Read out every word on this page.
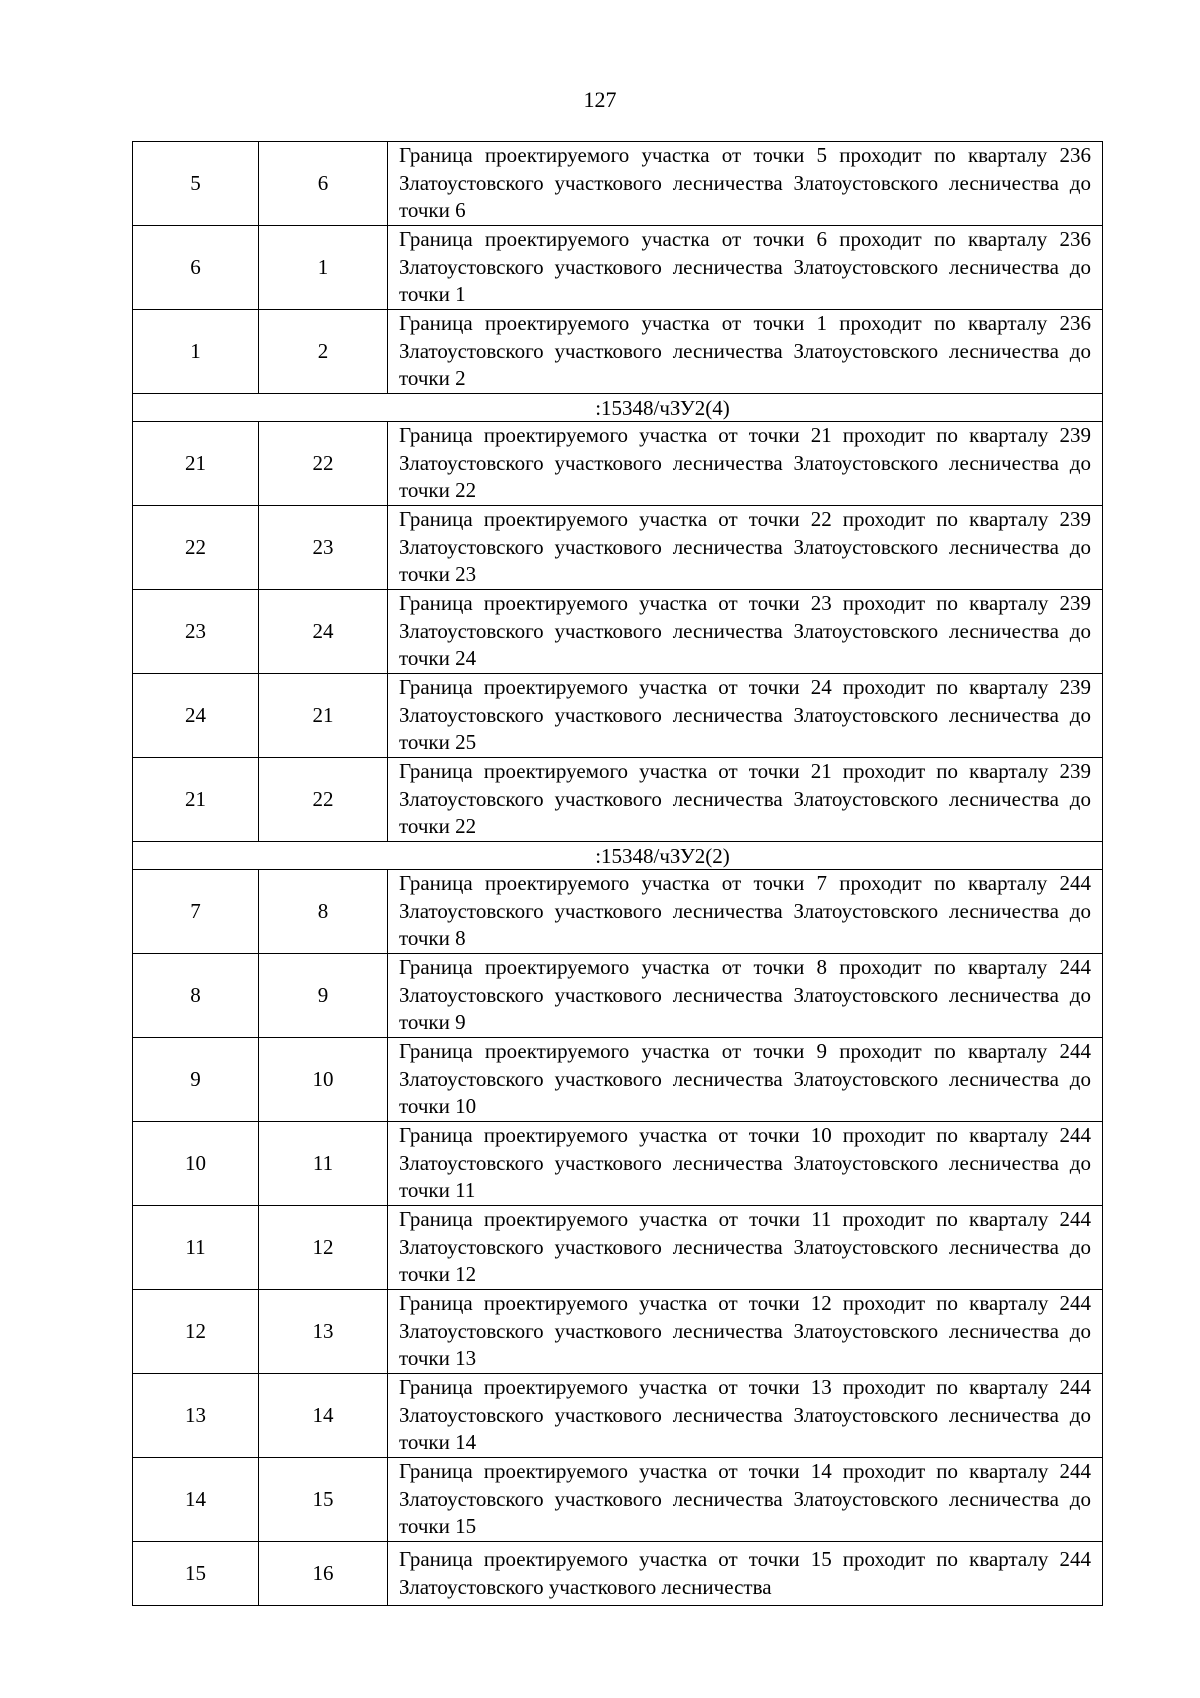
127
5	6	Граница проектируемого участка от точки 5 проходит по кварталу 236 Златоустовского участкового лесничества Златоустовского лесничества до точки 6
6	1	Граница проектируемого участка от точки 6 проходит по кварталу 236 Златоустовского участкового лесничества Златоустовского лесничества до точки 1
1	2	Граница проектируемого участка от точки 1 проходит по кварталу 236 Златоустовского участкового лесничества Златоустовского лесничества до точки 2
:15348/чЗУ2(4)		
21	22	Граница проектируемого участка от точки 21 проходит по кварталу 239 Златоустовского участкового лесничества Златоустовского лесничества до точки 22
22	23	Граница проектируемого участка от точки 22 проходит по кварталу 239 Златоустовского участкового лесничества Златоустовского лесничества до точки 23
23	24	Граница проектируемого участка от точки 23 проходит по кварталу 239 Златоустовского участкового лесничества Златоустовского лесничества до точки 24
24	21	Граница проектируемого участка от точки 24 проходит по кварталу 239 Златоустовского участкового лесничества Златоустовского лесничества до точки 25
21	22	Граница проектируемого участка от точки 21 проходит по кварталу 239 Златоустовского участкового лесничества Златоустовского лесничества до точки 22
:15348/чЗУ2(2)		
7	8	Граница проектируемого участка от точки 7 проходит по кварталу 244 Златоустовского участкового лесничества Златоустовского лесничества до точки 8
8	9	Граница проектируемого участка от точки 8 проходит по кварталу 244 Златоустовского участкового лесничества Златоустовского лесничества до точки 9
9	10	Граница проектируемого участка от точки 9 проходит по кварталу 244 Златоустовского участкового лесничества Златоустовского лесничества до точки 10
10	11	Граница проектируемого участка от точки 10 проходит по кварталу 244 Златоустовского участкового лесничества Златоустовского лесничества до точки 11
11	12	Граница проектируемого участка от точки 11 проходит по кварталу 244 Златоустовского участкового лесничества Златоустовского лесничества до точки 12
12	13	Граница проектируемого участка от точки 12 проходит по кварталу 244 Златоустовского участкового лесничества Златоустовского лесничества до точки 13
13	14	Граница проектируемого участка от точки 13 проходит по кварталу 244 Златоустовского участкового лесничества Златоустовского лесничества до точки 14
14	15	Граница проектируемого участка от точки 14 проходит по кварталу 244 Златоустовского участкового лесничества Златоустовского лесничества до точки 15
15	16	Граница проектируемого участка от точки 15 проходит по кварталу 244 Златоустовского участкового лесничества
